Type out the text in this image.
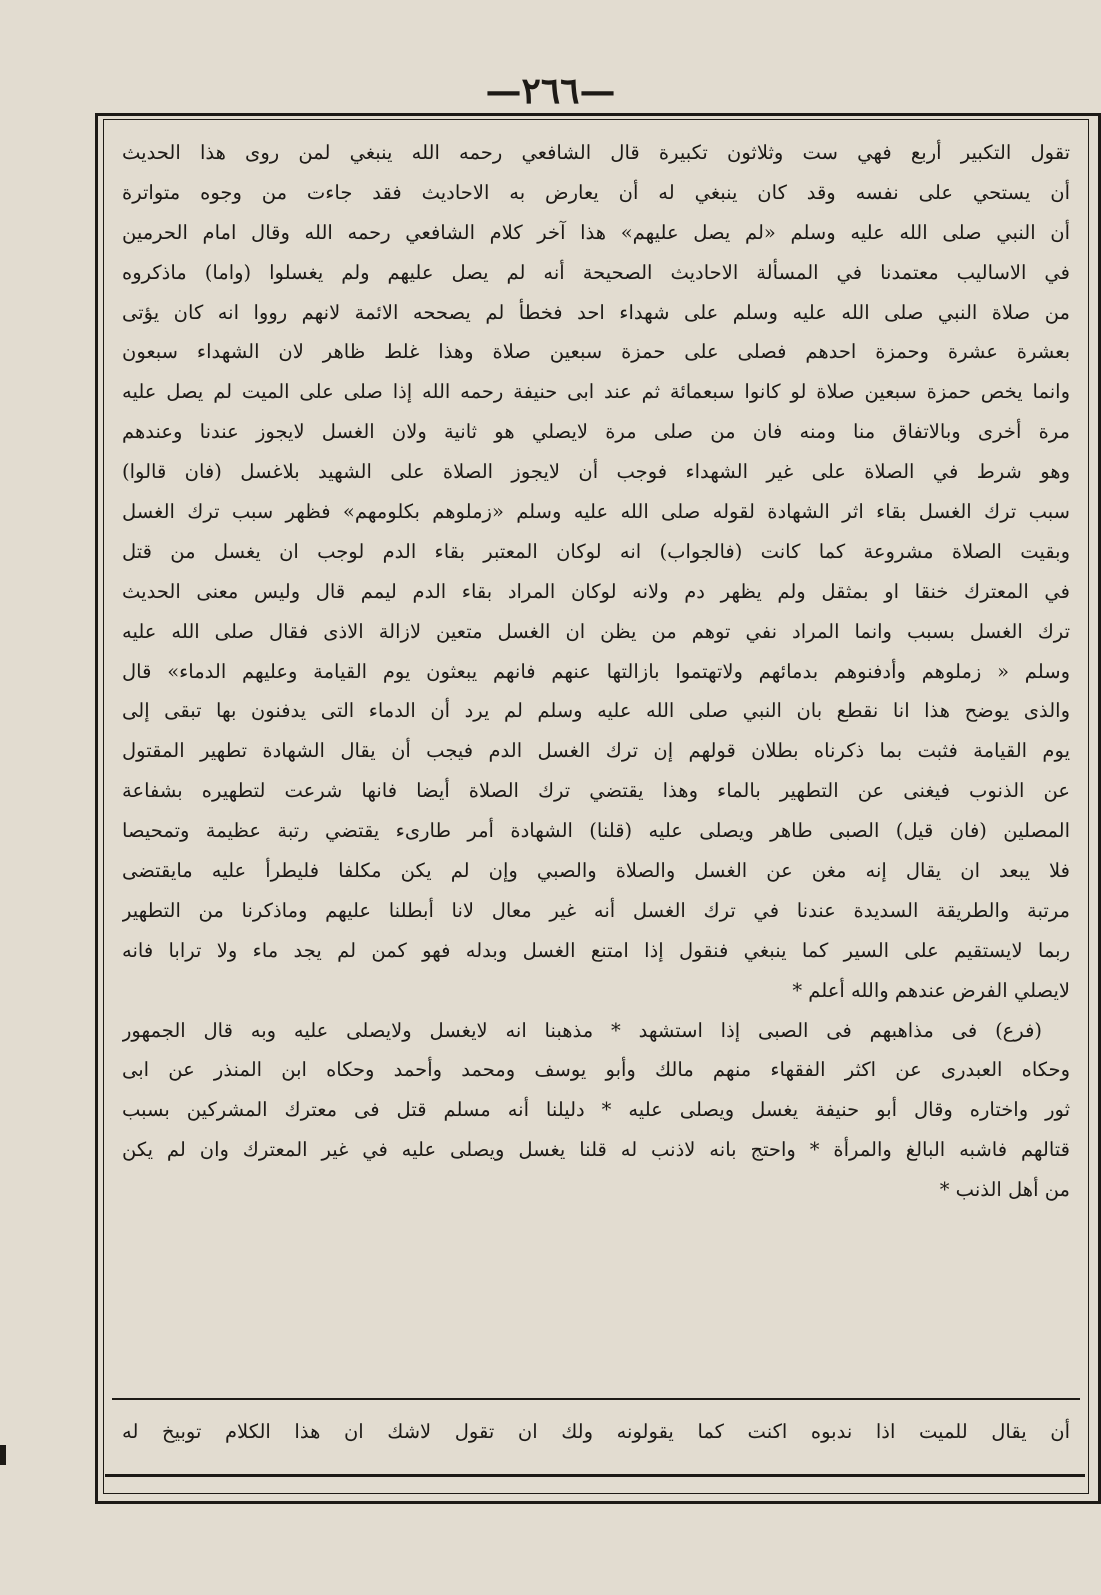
—٢٦٦—
تقول التكبير أربع فهي ست وثلاثون تكبيرة قال الشافعي رحمه الله ينبغي لمن روى هذا الحديث
أن يستحي على نفسه وقد كان ينبغي له أن يعارض به الاحاديث فقد جاءت من وجوه متواترة
أن النبي صلى الله عليه وسلم «لم يصل عليهم» هذا آخر كلام الشافعي رحمه الله وقال امام الحرمين
في الاساليب معتمدنا في المسألة الاحاديث الصحيحة أنه لم يصل عليهم ولم يغسلوا (واما) ماذكروه
من صلاة النبي صلى الله عليه وسلم على شهداء احد فخطأ لم يصححه الائمة لانهم رووا انه كان يؤتى
بعشرة عشرة وحمزة احدهم فصلى على حمزة سبعين صلاة وهذا غلط ظاهر لان الشهداء سبعون
وانما يخص حمزة سبعين صلاة لو كانوا سبعمائة ثم عند ابى حنيفة رحمه الله إذا صلى على الميت لم يصل عليه
مرة أخرى وبالاتفاق منا ومنه فان من صلى مرة لايصلي هو ثانية ولان الغسل لايجوز عندنا وعندهم
وهو شرط في الصلاة على غير الشهداء فوجب أن لايجوز الصلاة على الشهيد بلاغسل (فان قالوا)
سبب ترك الغسل بقاء اثر الشهادة لقوله صلى الله عليه وسلم «زملوهم بكلومهم» فظهر سبب ترك الغسل
وبقيت الصلاة مشروعة كما كانت (فالجواب) انه لوكان المعتبر بقاء الدم لوجب ان يغسل من قتل
في المعترك خنقا او بمثقل ولم يظهر دم ولانه لوكان المراد بقاء الدم ليمم قال وليس معنى الحديث
ترك الغسل بسبب وانما المراد نفي توهم من يظن ان الغسل متعين لازالة الاذى فقال صلى الله عليه
وسلم « زملوهم وأدفنوهم بدمائهم ولاتهتموا بازالتها عنهم فانهم يبعثون يوم القيامة وعليهم الدماء» قال
والذى يوضح هذا انا نقطع بان النبي صلى الله عليه وسلم لم يرد أن الدماء التى يدفنون بها تبقى إلى
يوم القيامة فثبت بما ذكرناه بطلان قولهم إن ترك الغسل الدم فيجب أن يقال الشهادة تطهير المقتول
عن الذنوب فيغنى عن التطهير بالماء وهذا يقتضي ترك الصلاة أيضا فانها شرعت لتطهيره بشفاعة
المصلين (فان قيل) الصبى طاهر ويصلى عليه (قلنا) الشهادة أمر طارىء يقتضي رتبة عظيمة وتمحيصا
فلا يبعد ان يقال إنه مغن عن الغسل والصلاة والصبي وإن لم يكن مكلفا فليطرأ عليه مايقتضى
مرتبة والطريقة السديدة عندنا في ترك الغسل أنه غير معال لانا أبطلنا عليهم وماذكرنا من التطهير
ربما لايستقيم على السير كما ينبغي فنقول إذا امتنع الغسل وبدله فهو كمن لم يجد ماء ولا ترابا فانه
لايصلي الفرض عندهم والله أعلم *
(فرع) فى مذاهبهم فى الصبى إذا استشهد * مذهبنا انه لايغسل ولايصلى عليه وبه قال الجمهور
وحكاه العبدرى عن اكثر الفقهاء منهم مالك وأبو يوسف ومحمد وأحمد وحكاه ابن المنذر عن ابى
ثور واختاره وقال أبو حنيفة يغسل ويصلى عليه * دليلنا أنه مسلم قتل فى معترك المشركين بسبب
قتالهم فاشبه البالغ والمرأة * واحتج بانه لاذنب له قلنا يغسل ويصلى عليه في غير المعترك وان لم يكن
من أهل الذنب *
أن يقال للميت اذا ندبوه اكنت كما يقولونه ولك ان تقول لاشك ان هذا الكلام توبيخ له
